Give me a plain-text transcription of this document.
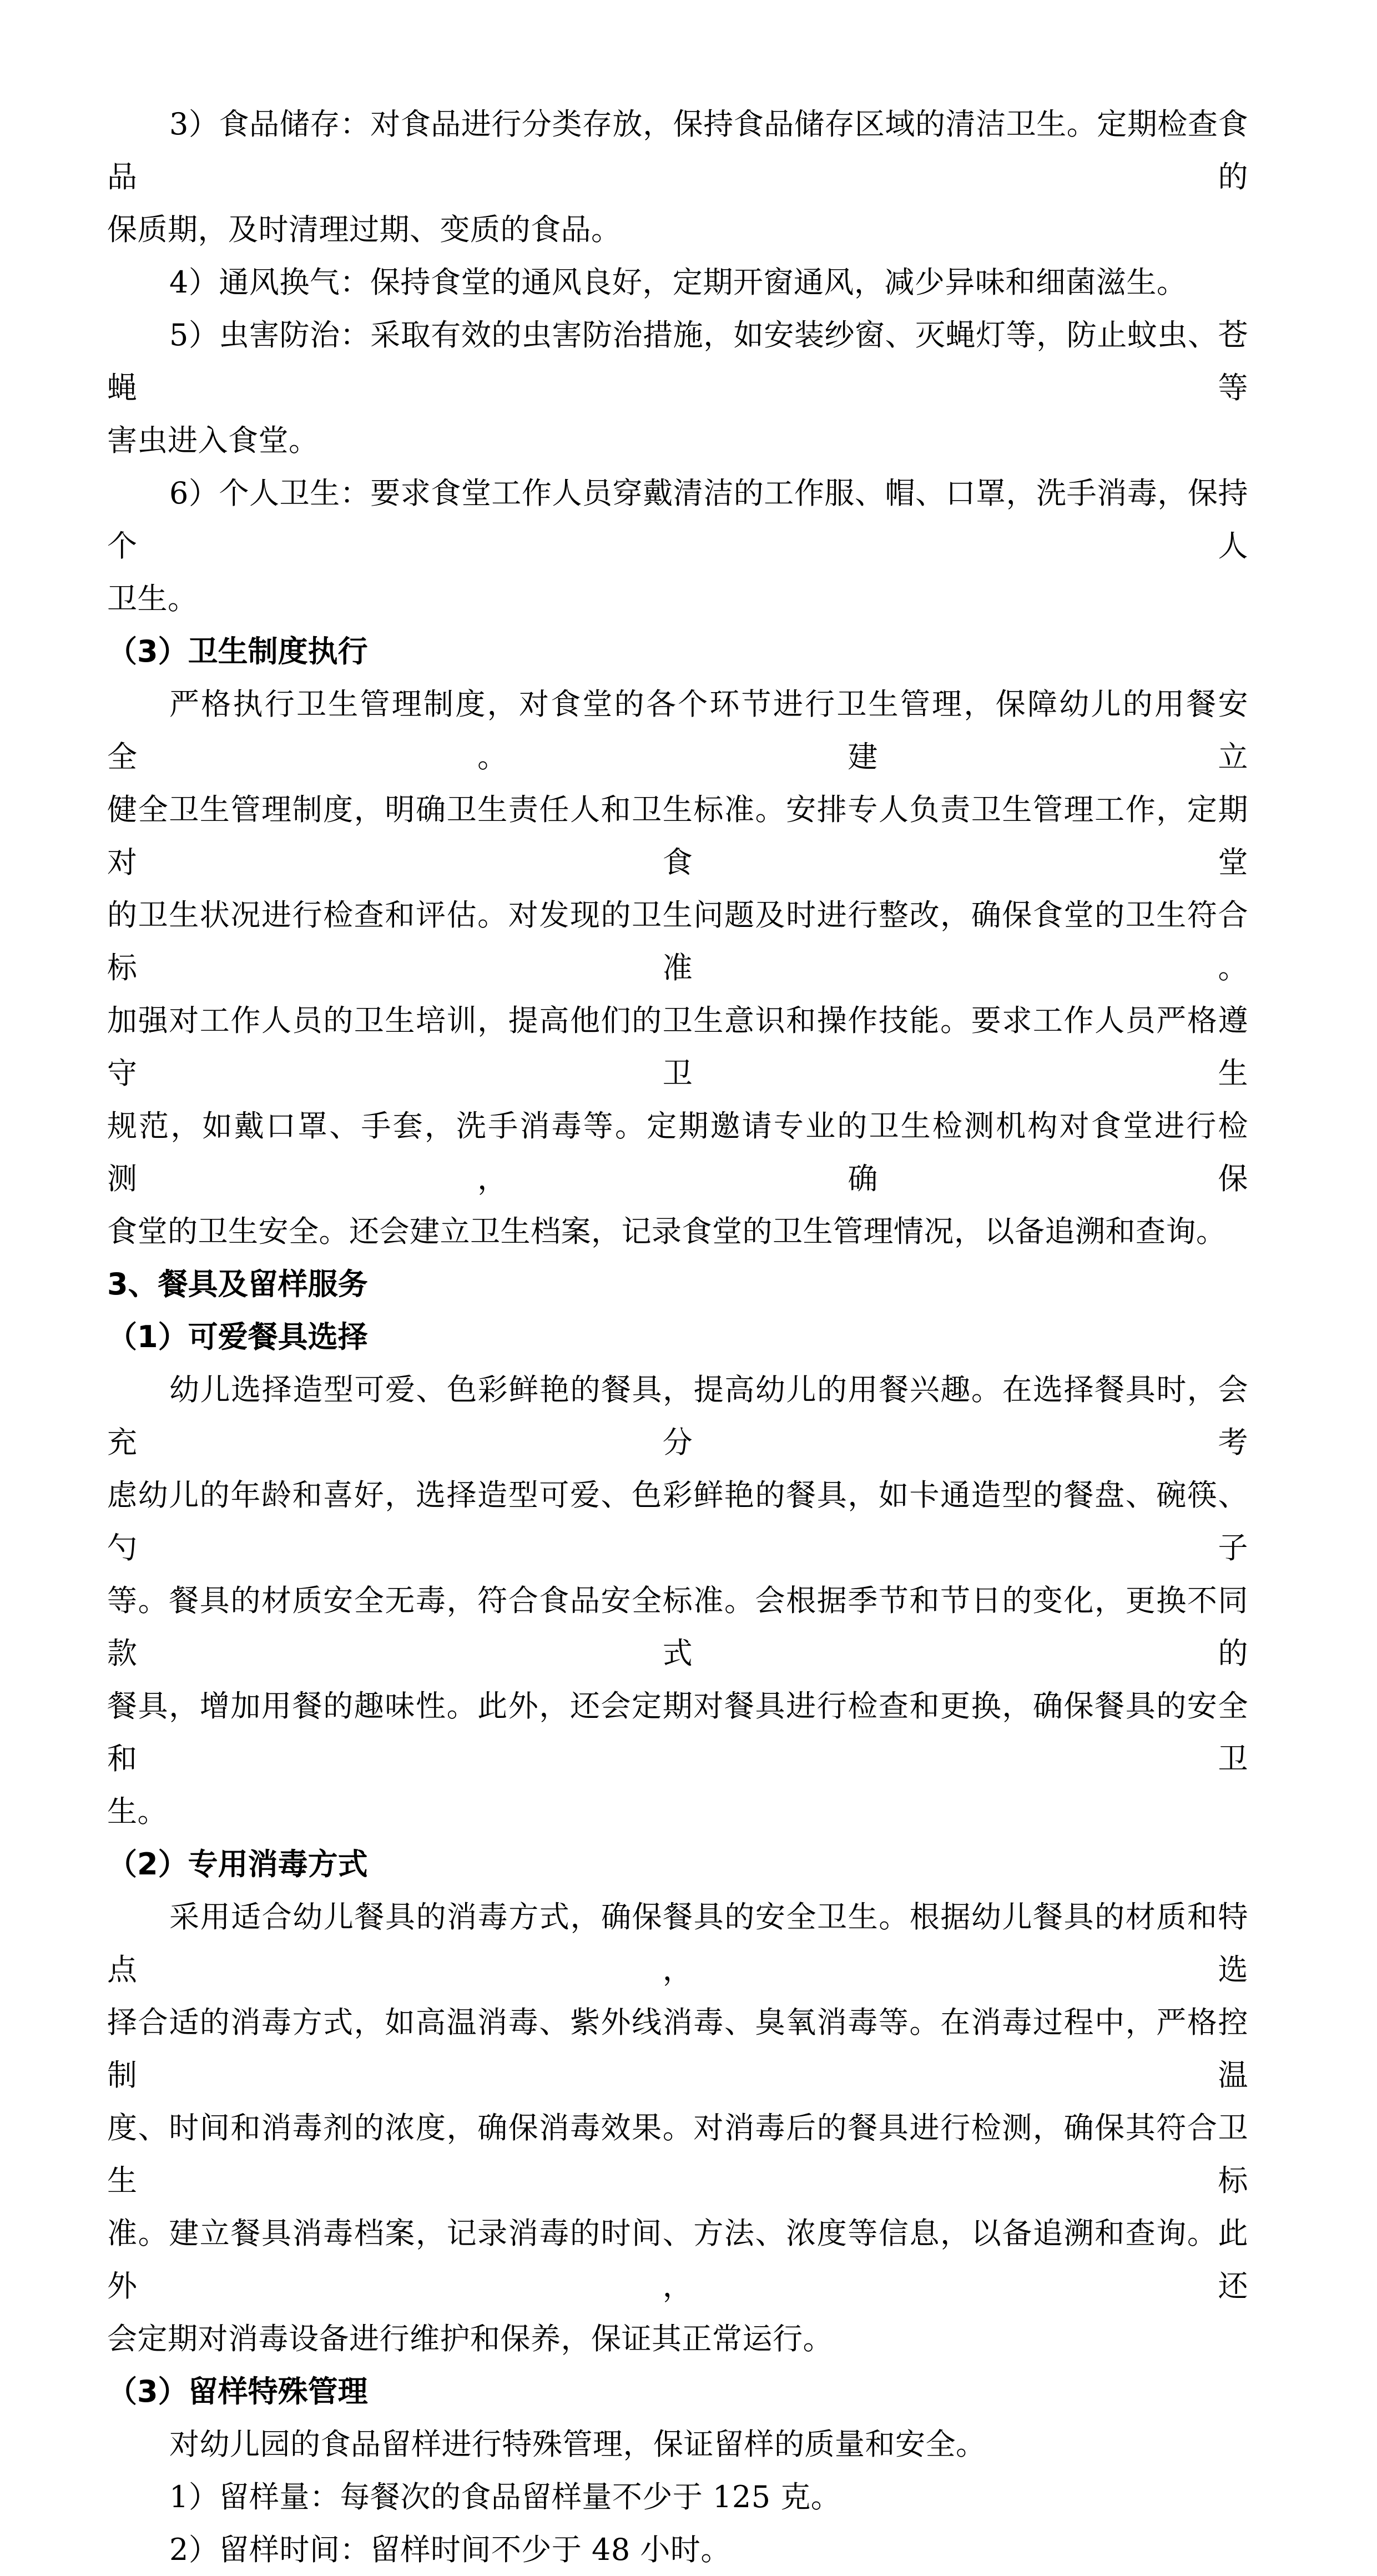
3）食品储存：对食品进行分类存放，保持食品储存区域的清洁卫生。定期检查食品的
保质期，及时清理过期、变质的食品。
4）通风换气：保持食堂的通风良好，定期开窗通风，减少异味和细菌滋生。
5）虫害防治：采取有效的虫害防治措施，如安装纱窗、灭蝇灯等，防止蚊虫、苍蝇等
害虫进入食堂。
6）个人卫生：要求食堂工作人员穿戴清洁的工作服、帽、口罩，洗手消毒，保持个人
卫生。
（3）卫生制度执行
严格执行卫生管理制度，对食堂的各个环节进行卫生管理，保障幼儿的用餐安全。建立
健全卫生管理制度，明确卫生责任人和卫生标准。安排专人负责卫生管理工作，定期对食堂
的卫生状况进行检查和评估。对发现的卫生问题及时进行整改，确保食堂的卫生符合标准。
加强对工作人员的卫生培训，提高他们的卫生意识和操作技能。要求工作人员严格遵守卫生
规范，如戴口罩、手套，洗手消毒等。定期邀请专业的卫生检测机构对食堂进行检测，确保
食堂的卫生安全。还会建立卫生档案，记录食堂的卫生管理情况，以备追溯和查询。
3、餐具及留样服务
（1）可爱餐具选择
幼儿选择造型可爱、色彩鲜艳的餐具，提高幼儿的用餐兴趣。在选择餐具时，会充分考
虑幼儿的年龄和喜好，选择造型可爱、色彩鲜艳的餐具，如卡通造型的餐盘、碗筷、勺子
等。餐具的材质安全无毒，符合食品安全标准。会根据季节和节日的变化，更换不同款式的
餐具，增加用餐的趣味性。此外，还会定期对餐具进行检查和更换，确保餐具的安全和卫
生。
（2）专用消毒方式
采用适合幼儿餐具的消毒方式，确保餐具的安全卫生。根据幼儿餐具的材质和特点，选
择合适的消毒方式，如高温消毒、紫外线消毒、臭氧消毒等。在消毒过程中，严格控制温
度、时间和消毒剂的浓度，确保消毒效果。对消毒后的餐具进行检测，确保其符合卫生标
准。建立餐具消毒档案，记录消毒的时间、方法、浓度等信息，以备追溯和查询。此外，还
会定期对消毒设备进行维护和保养，保证其正常运行。
（3）留样特殊管理
对幼儿园的食品留样进行特殊管理，保证留样的质量和安全。
1）留样量：每餐次的食品留样量不少于 125 克。
2）留样时间：留样时间不少于 48 小时。
